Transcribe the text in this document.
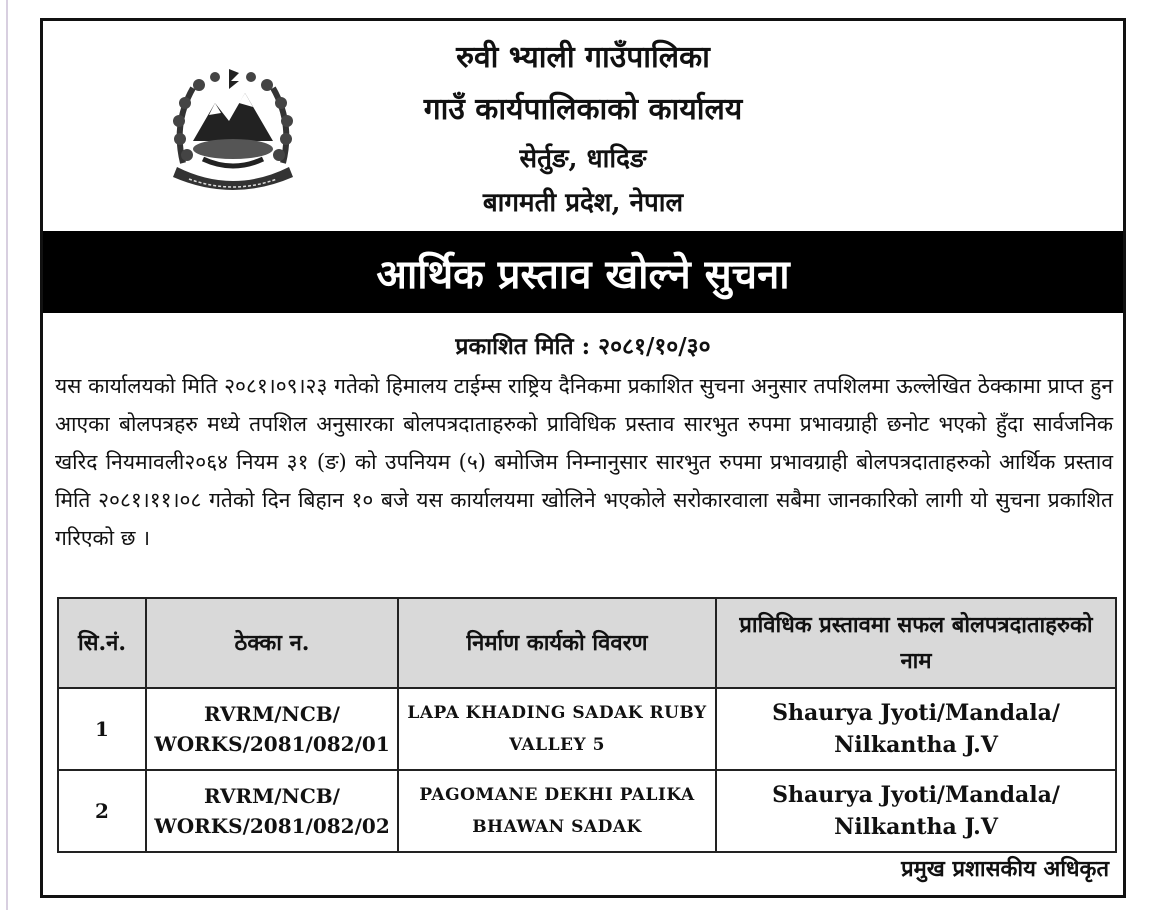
रुवी भ्याली गाउँपालिका
गाउँ कार्यपालिकाको कार्यालय
सेर्तुङ, धादिङ
बागमती प्रदेश, नेपाल
आर्थिक प्रस्ताव खोल्ने सुचना
प्रकाशित मिति : २०८१/१०/३०
यस कार्यालयको मिति २०८१।०९।२३ गतेको हिमालय टाईम्स राष्ट्रिय दैनिकमा प्रकाशित सुचना अनुसार तपशिलमा ऊल्लेखित ठेक्कामा प्राप्त हुन आएका बोलपत्रहरु मध्ये तपशिल अनुसारका बोलपत्रदाताहरुको प्राविधिक प्रस्ताव सारभुत रुपमा प्रभावग्राही छनोट भएको हुँदा सार्वजनिक खरिद नियमावली२०६४ नियम ३१ (ङ) को उपनियम (५) बमोजिम निम्नानुसार सारभुत रुपमा प्रभावग्राही बोलपत्रदाताहरुको आर्थिक प्रस्ताव मिति २०८१।११।०८ गतेको दिन बिहान १० बजे यस कार्यालयमा खोलिने भएकोले सरोकारवाला सबैमा जानकारिको लागी यो सुचना प्रकाशित गरिएको छ ।
सि.नं.	ठेक्का न.	निर्माण कार्यको विवरण	प्राविधिक प्रस्तावमा सफल बोलपत्रदाताहरुको नाम
1	RVRM/NCB/ WORKS/2081/082/01	LAPA KHADING SADAK RUBY VALLEY 5	Shaurya Jyoti/Mandala/ Nilkantha J.V
2	RVRM/NCB/ WORKS/2081/082/02	PAGOMANE DEKHI PALIKA BHAWAN SADAK	Shaurya Jyoti/Mandala/ Nilkantha J.V
प्रमुख प्रशासकीय अधिकृत
